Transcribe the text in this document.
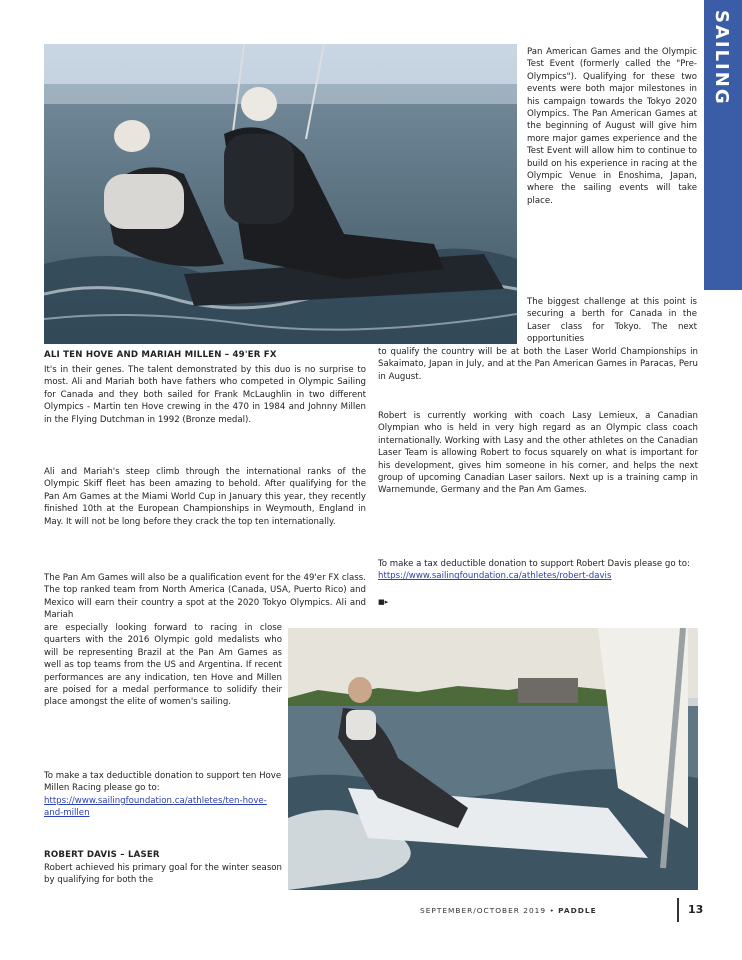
SAILING

Pan American Games and the Olympic Test Event (formerly called the "Pre-Olympics"). Qualifying for these two events were both major milestones in his campaign towards the Tokyo 2020 Olympics. The Pan American Games at the beginning of August will give him more major games experience and the Test Event will allow him to continue to build on his experience in racing at the Olympic Venue in Enoshima, Japan, where the sailing events will take place.

The biggest challenge at this point is securing a berth for Canada in the Laser class for Tokyo. The next opportunities

to qualify the country will be at both the Laser World Championships in Sakaimato, Japan in July, and at the Pan American Games in Paracas, Peru in August.

Robert is currently working with coach Lasy Lemieux, a Canadian Olympian who is held in very high regard as an Olympic class coach internationally. Working with Lasy and the other athletes on the Canadian Laser Team is allowing Robert to focus squarely on what is important for his development, gives him someone in his corner, and helps the next group of upcoming Canadian Laser sailors. Next up is a training camp in Warnemunde, Germany and the Pan Am Games.

To make a tax deductible donation to support Robert Davis please go to: https://www.sailingfoundation.ca/athletes/robert-davis

■▸

ALI TEN HOVE AND MARIAH MILLEN – 49'ER FX

It's in their genes. The talent demonstrated by this duo is no surprise to most. Ali and Mariah both have fathers who competed in Olympic Sailing for Canada and they both sailed for Frank McLaughlin in two different Olympics - Martin ten Hove crewing in the 470 in 1984 and Johnny Millen in the Flying Dutchman in 1992 (Bronze medal).

Ali and Mariah's steep climb through the international ranks of the Olympic Skiff fleet has been amazing to behold. After qualifying for the Pan Am Games at the Miami World Cup in January this year, they recently finished 10th at the European Championships in Weymouth, England in May. It will not be long before they crack the top ten internationally.

The Pan Am Games will also be a qualification event for the 49'er FX class. The top ranked team from North America (Canada, USA, Puerto Rico) and Mexico will earn their country a spot at the 2020 Tokyo Olympics. Ali and Mariah

are especially looking forward to racing in close quarters with the 2016 Olympic gold medalists who will be representing Brazil at the Pan Am Games as well as top teams from the US and Argentina. If recent performances are any indication, ten Hove and Millen are poised for a medal performance to solidify their place amongst the elite of women's sailing.

To make a tax deductible donation to support ten Hove Millen Racing please go to: https://www.sailingfoundation.ca/athletes/ten-hove-and-millen

ROBERT DAVIS – LASER

Robert achieved his primary goal for the winter season by qualifying for both the

SEPTEMBER/OCTOBER 2019 • PADDLE	13
